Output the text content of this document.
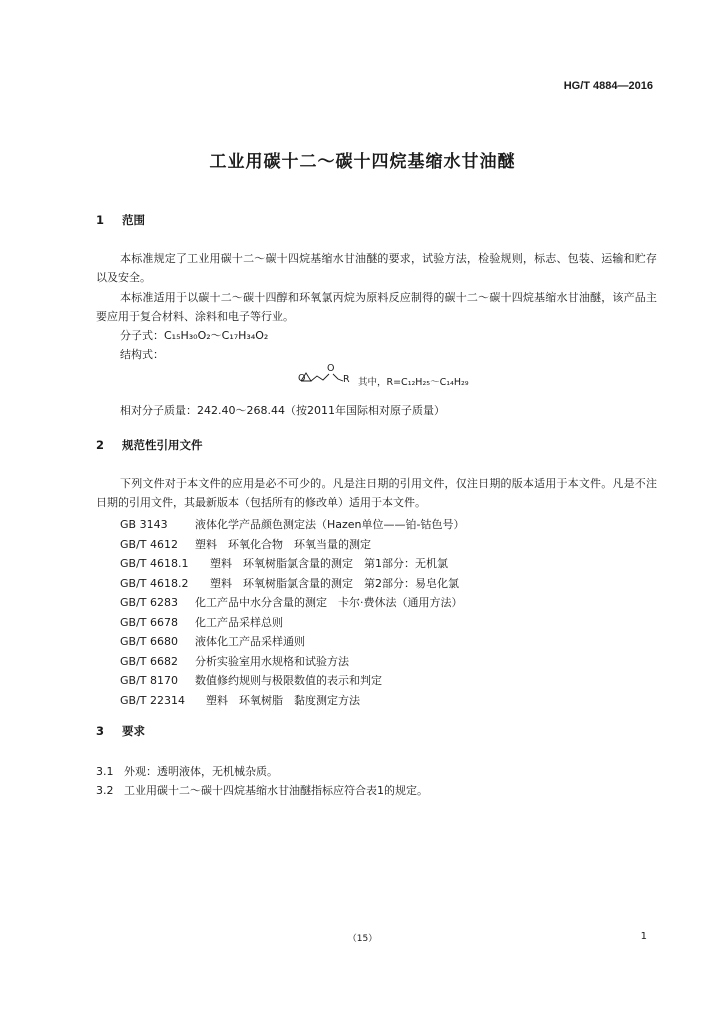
HG/T 4884—2016
工业用碳十二～碳十四烷基缩水甘油醚
1 范围
本标准规定了工业用碳十二～碳十四烷基缩水甘油醚的要求，试验方法，检验规则，标志、包装、运输和贮存以及安全。
本标准适用于以碳十二～碳十四醇和环氧氯丙烷为原料反应制得的碳十二～碳十四烷基缩水甘油醚，该产品主要应用于复合材料、涂料和电子等行业。
分子式：C₁₅H₃₀O₂～C₁₇H₃₄O₂
结构式：
O
O
R 其中，R=C₁₂H₂₅～C₁₄H₂₉
相对分子质量：242.40～268.44（按2011年国际相对原子质量）
2 规范性引用文件
下列文件对于本文件的应用是必不可少的。凡是注日期的引用文件，仅注日期的版本适用于本文件。凡是不注日期的引用文件，其最新版本（包括所有的修改单）适用于本文件。
GB 3143 液体化学产品颜色测定法（Hazen单位——铂-钴色号）
GB/T 4612 塑料　环氧化合物　环氧当量的测定
GB/T 4618.1 塑料　环氧树脂氯含量的测定　第1部分：无机氯
GB/T 4618.2 塑料　环氧树脂氯含量的测定　第2部分：易皂化氯
GB/T 6283 化工产品中水分含量的测定　卡尔·费休法（通用方法）
GB/T 6678 化工产品采样总则
GB/T 6680 液体化工产品采样通则
GB/T 6682 分析实验室用水规格和试验方法
GB/T 8170 数值修约规则与极限数值的表示和判定
GB/T 22314 塑料　环氧树脂　黏度测定方法
3 要求
3.1 外观：透明液体，无机械杂质。
3.2 工业用碳十二～碳十四烷基缩水甘油醚指标应符合表1的规定。
（15）	1
